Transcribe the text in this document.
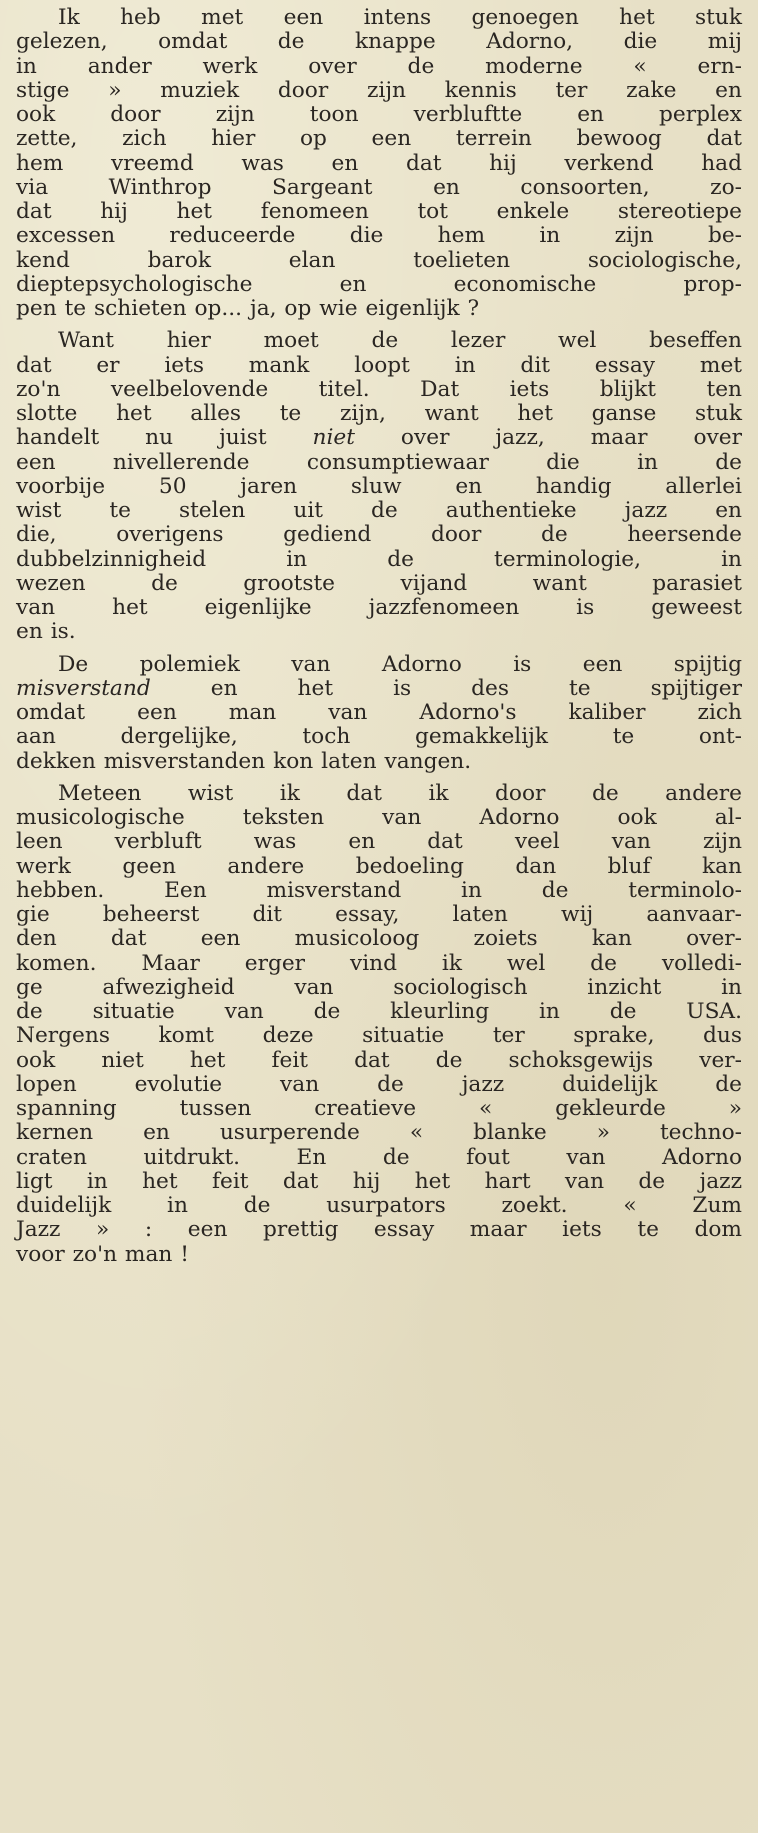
Ik heb met een intens genoegen het stuk
gelezen, omdat de knappe Adorno, die mij
in ander werk over de moderne « ern-
stige » muziek door zijn kennis ter zake en
ook door zijn toon verbluftte en perplex
zette, zich hier op een terrein bewoog dat
hem vreemd was en dat hij verkend had
via Winthrop Sargeant en consoorten, zo-
dat hij het fenomeen tot enkele stereotiepe
excessen reduceerde die hem in zijn be-
kend barok elan toelieten sociologische,
dieptepsychologische en economische prop-
pen te schieten op... ja, op wie eigenlijk ?

Want hier moet de lezer wel beseffen
dat er iets mank loopt in dit essay met
zo'n veelbelovende titel. Dat iets blijkt ten
slotte het alles te zijn, want het ganse stuk
handelt nu juist niet over jazz, maar over
een nivellerende consumptiewaar die in de
voorbije 50 jaren sluw en handig allerlei
wist te stelen uit de authentieke jazz en
die, overigens gediend door de heersende
dubbelzinnigheid in de terminologie, in
wezen de grootste vijand want parasiet
van het eigenlijke jazzfenomeen is geweest
en is.

De polemiek van Adorno is een spijtig
misverstand en het is des te spijtiger
omdat een man van Adorno's kaliber zich
aan dergelijke, toch gemakkelijk te ont-
dekken misverstanden kon laten vangen.

Meteen wist ik dat ik door de andere
musicologische teksten van Adorno ook al-
leen verbluft was en dat veel van zijn
werk geen andere bedoeling dan bluf kan
hebben. Een misverstand in de terminolo-
gie beheerst dit essay, laten wij aanvaar-
den dat een musicoloog zoiets kan over-
komen. Maar erger vind ik wel de volledi-
ge afwezigheid van sociologisch inzicht in
de situatie van de kleurling in de USA.
Nergens komt deze situatie ter sprake, dus
ook niet het feit dat de schoksgewijs ver-
lopen evolutie van de jazz duidelijk de
spanning tussen creatieve « gekleurde »
kernen en usurperende « blanke » techno-
craten uitdrukt. En de fout van Adorno
ligt in het feit dat hij het hart van de jazz
duidelijk in de usurpators zoekt. « Zum
Jazz » : een prettig essay maar iets te dom
voor zo'n man !
